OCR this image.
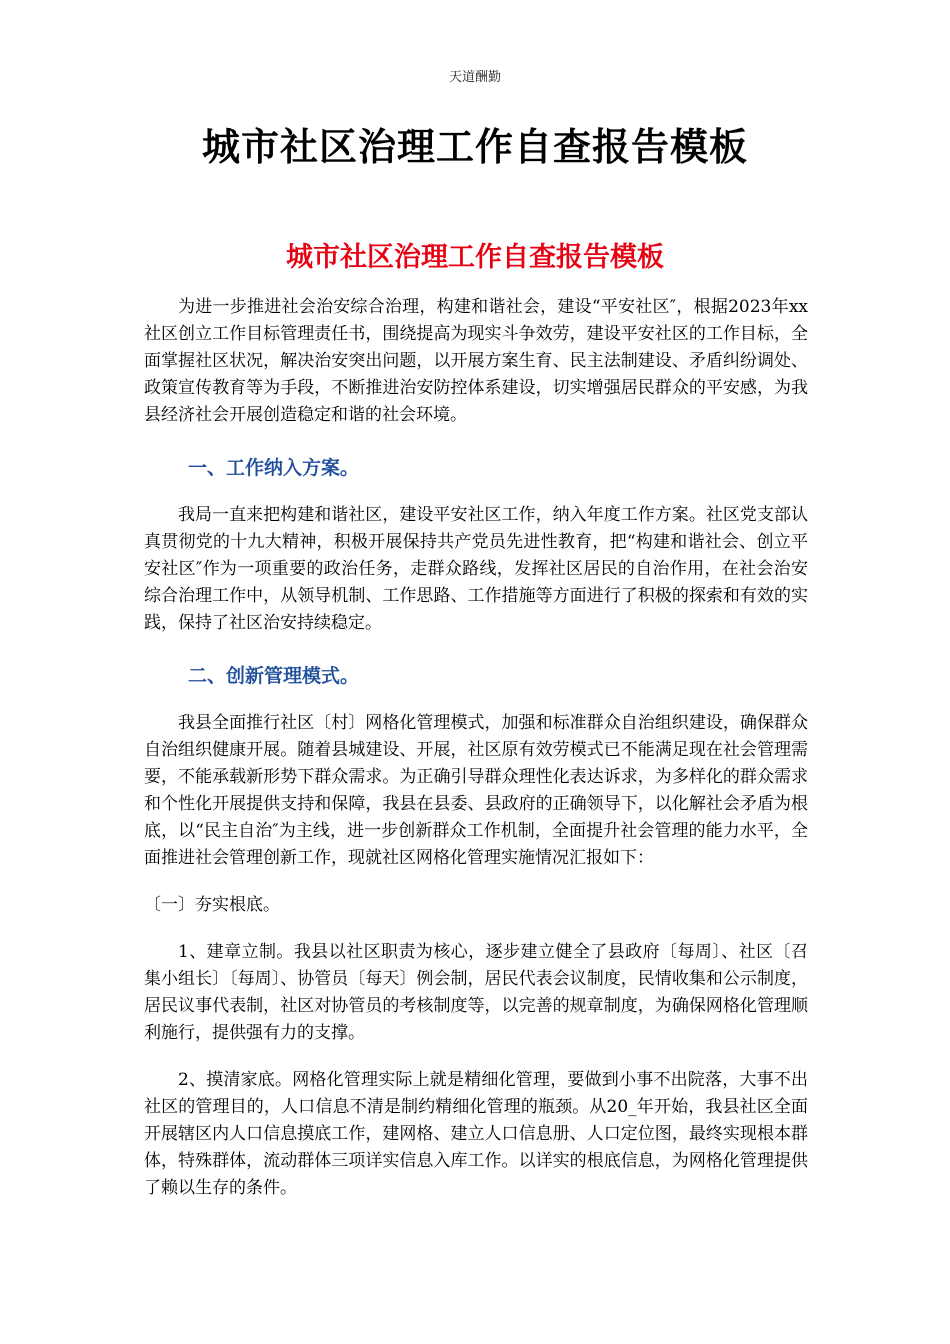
天道酬勤
城市社区治理工作自查报告模板
城市社区治理工作自查报告模板

为进一步推进社会治安综合治理，构建和谐社会，建设“平安社区″，根据2023年xx社区创立工作目标管理责任书，围绕提高为现实斗争效劳，建设平安社区的工作目标，全面掌握社区状况，解决治安突出问题，以开展方案生育、民主法制建设、矛盾纠纷调处、政策宣传教育等为手段，不断推进治安防控体系建设，切实增强居民群众的平安感，为我县经济社会开展创造稳定和谐的社会环境。

一、工作纳入方案。

我局一直来把构建和谐社区，建设平安社区工作，纳入年度工作方案。社区党支部认真贯彻党的十九大精神，积极开展保持共产党员先进性教育，把“构建和谐社会、创立平安社区″作为一项重要的政治任务，走群众路线，发挥社区居民的自治作用，在社会治安综合治理工作中，从领导机制、工作思路、工作措施等方面进行了积极的探索和有效的实践，保持了社区治安持续稳定。

二、创新管理模式。

我县全面推行社区〔村〕网格化管理模式，加强和标准群众自治组织建设，确保群众自治组织健康开展。随着县城建设、开展，社区原有效劳模式已不能满足现在社会管理需要，不能承载新形势下群众需求。为正确引导群众理性化表达诉求，为多样化的群众需求和个性化开展提供支持和保障，我县在县委、县政府的正确领导下，以化解社会矛盾为根底，以“民主自治″为主线，进一步创新群众工作机制，全面提升社会管理的能力水平，全面推进社会管理创新工作，现就社区网格化管理实施情况汇报如下：

〔一〕夯实根底。

1、建章立制。我县以社区职责为核心，逐步建立健全了县政府〔每周〕、社区〔召集小组长〕〔每周〕、协管员〔每天〕例会制，居民代表会议制度，民情收集和公示制度，居民议事代表制，社区对协管员的考核制度等，以完善的规章制度，为确保网格化管理顺利施行，提供强有力的支撑。

2、摸清家底。网格化管理实际上就是精细化管理，要做到小事不出院落，大事不出社区的管理目的，人口信息不清是制约精细化管理的瓶颈。从20_年开始，我县社区全面开展辖区内人口信息摸底工作，建网格、建立人口信息册、人口定位图，最终实现根本群体，特殊群体，流动群体三项详实信息入库工作。以详实的根底信息，为网格化管理提供了赖以生存的条件。
